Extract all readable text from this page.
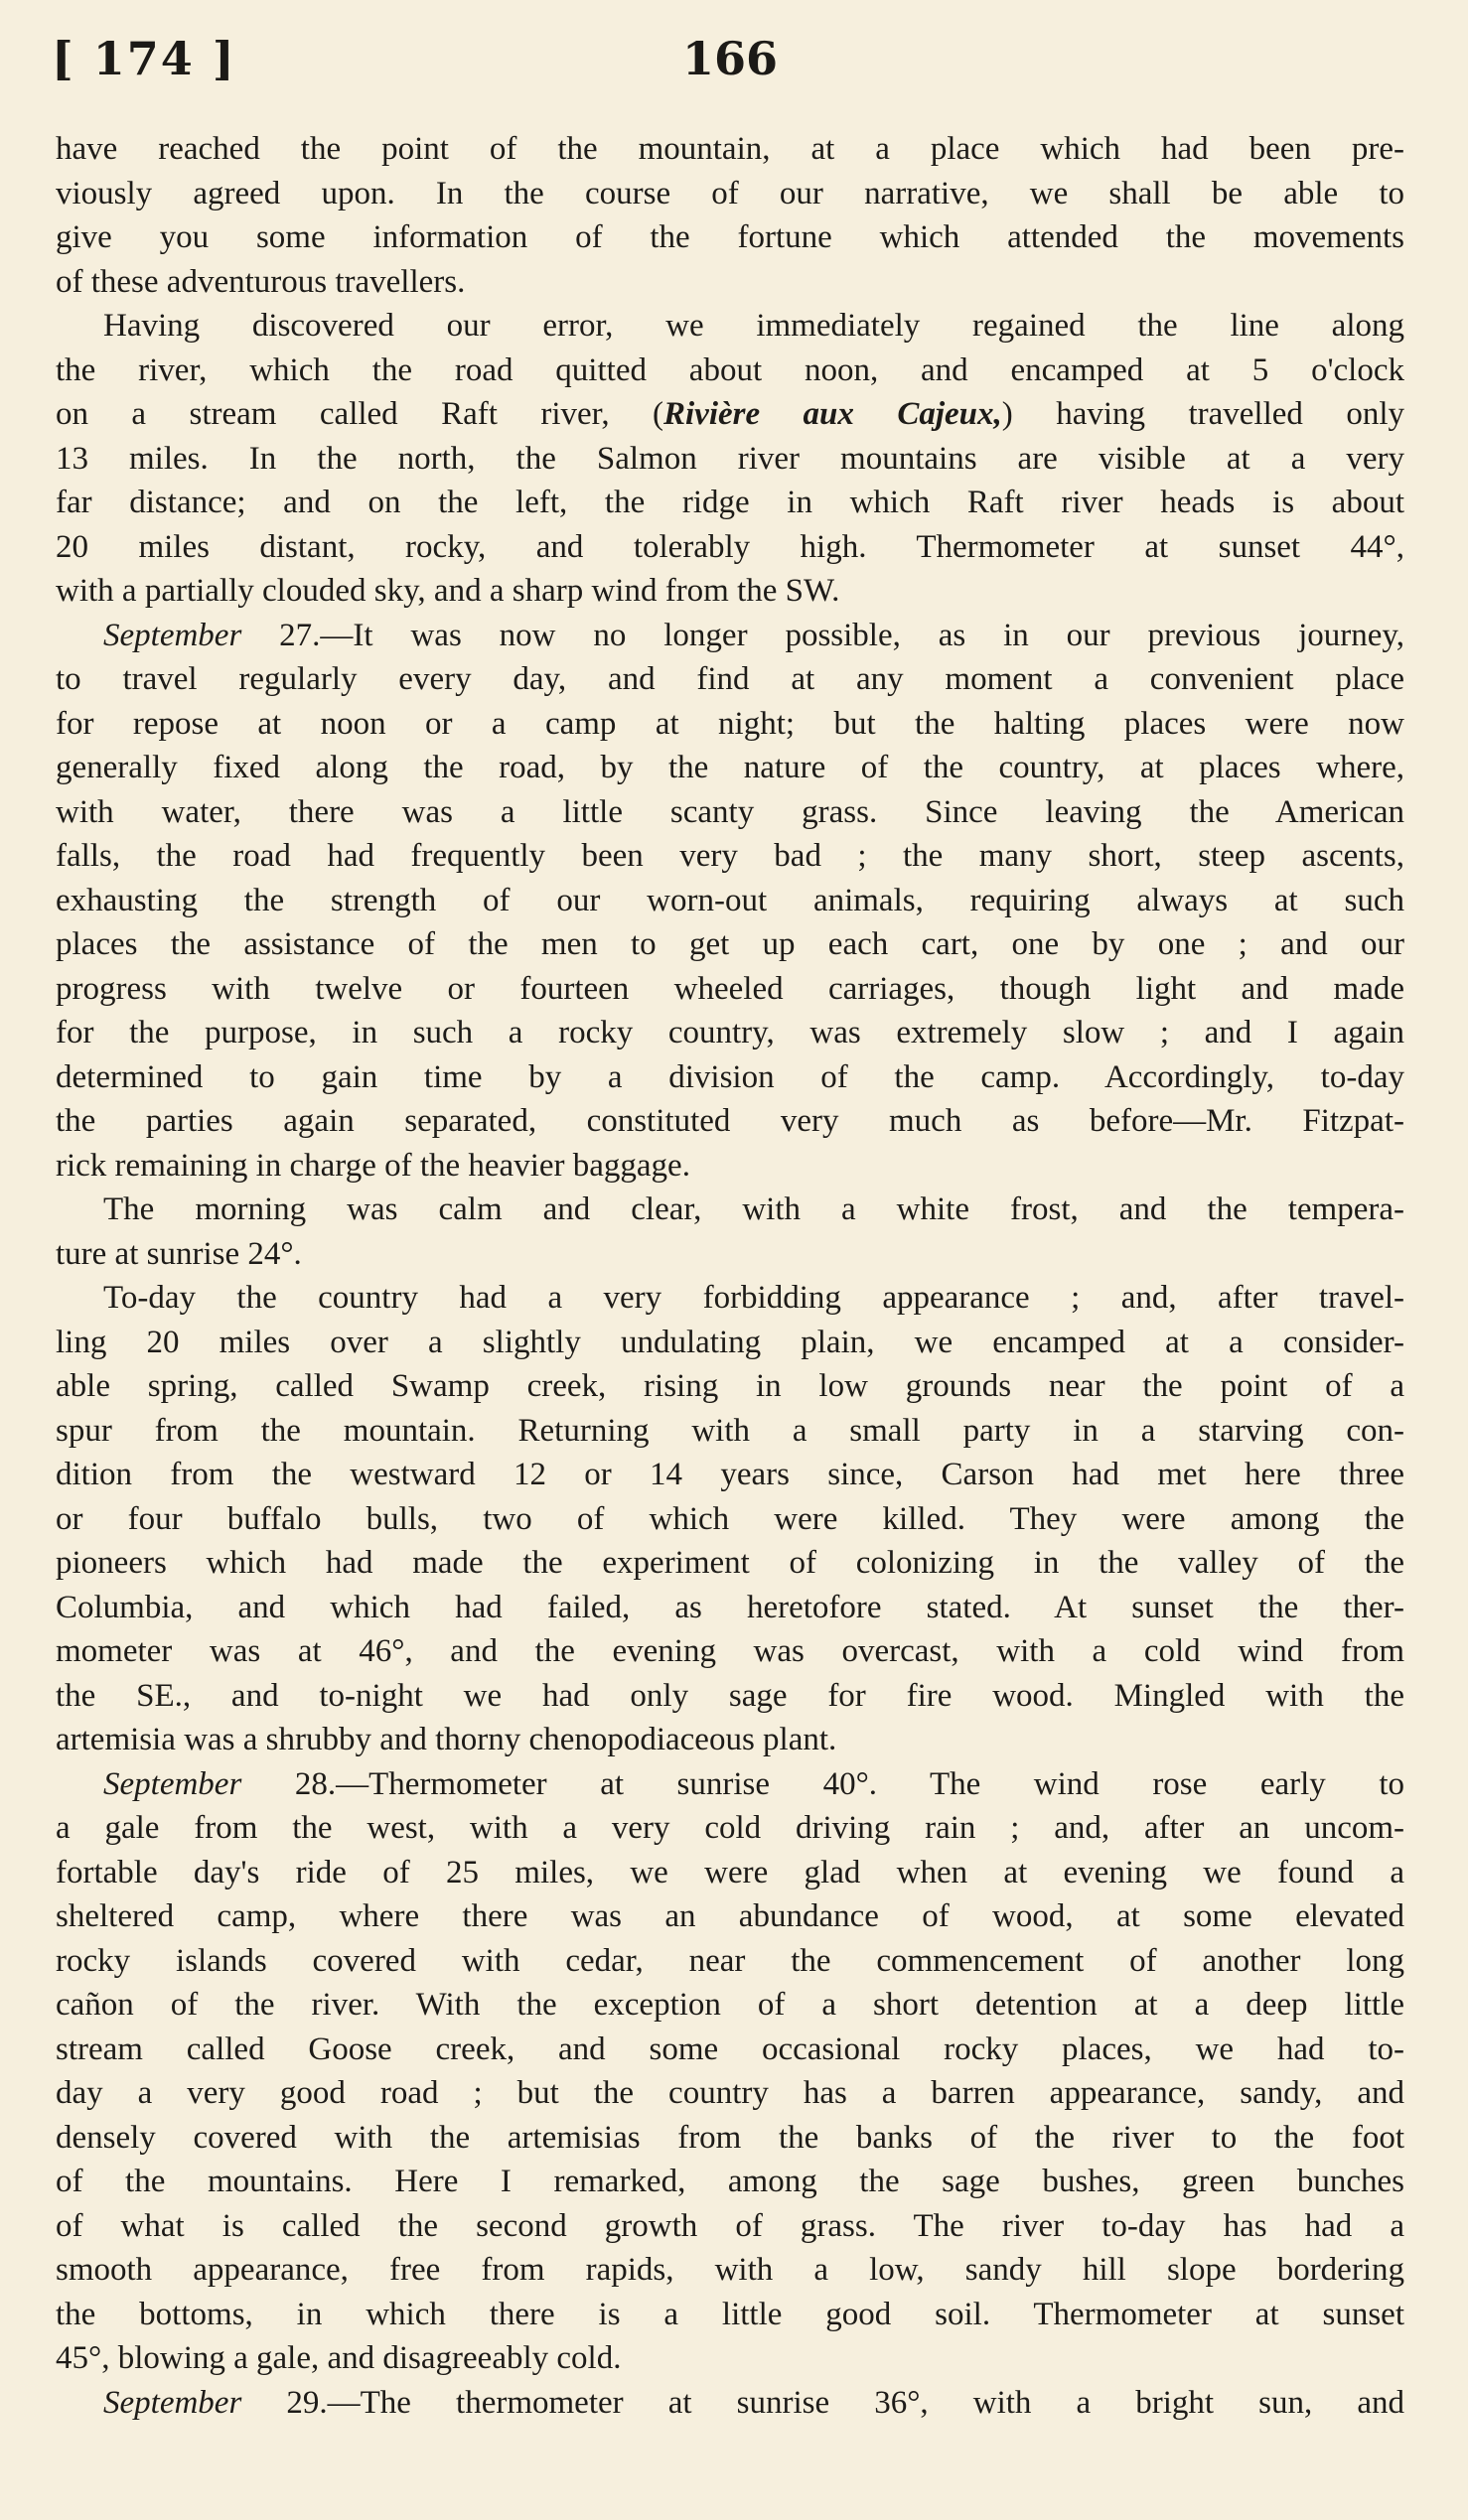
[ 174 ]	166
have reached the point of the mountain, at a place which had been pre-
viously agreed upon. In the course of our narrative, we shall be able to
give you some information of the fortune which attended the movements
of these adventurous travellers.
Having discovered our error, we immediately regained the line along
the river, which the road quitted about noon, and encamped at 5 o'clock
on a stream called Raft river, (Rivière aux Cajeux,) having travelled only
13 miles. In the north, the Salmon river mountains are visible at a very
far distance; and on the left, the ridge in which Raft river heads is about
20 miles distant, rocky, and tolerably high. Thermometer at sunset 44°,
with a partially clouded sky, and a sharp wind from the SW.
September 27.—It was now no longer possible, as in our previous journey,
to travel regularly every day, and find at any moment a convenient place
for repose at noon or a camp at night; but the halting places were now
generally fixed along the road, by the nature of the country, at places where,
with water, there was a little scanty grass. Since leaving the American
falls, the road had frequently been very bad ; the many short, steep ascents,
exhausting the strength of our worn-out animals, requiring always at such
places the assistance of the men to get up each cart, one by one ; and our
progress with twelve or fourteen wheeled carriages, though light and made
for the purpose, in such a rocky country, was extremely slow ; and I again
determined to gain time by a division of the camp. Accordingly, to-day
the parties again separated, constituted very much as before—Mr. Fitzpat-
rick remaining in charge of the heavier baggage.
The morning was calm and clear, with a white frost, and the tempera-
ture at sunrise 24°.
To-day the country had a very forbidding appearance ; and, after travel-
ling 20 miles over a slightly undulating plain, we encamped at a consider-
able spring, called Swamp creek, rising in low grounds near the point of a
spur from the mountain. Returning with a small party in a starving con-
dition from the westward 12 or 14 years since, Carson had met here three
or four buffalo bulls, two of which were killed. They were among the
pioneers which had made the experiment of colonizing in the valley of the
Columbia, and which had failed, as heretofore stated. At sunset the ther-
mometer was at 46°, and the evening was overcast, with a cold wind from
the SE., and to-night we had only sage for fire wood. Mingled with the
artemisia was a shrubby and thorny chenopodiaceous plant.
September 28.—Thermometer at sunrise 40°. The wind rose early to
a gale from the west, with a very cold driving rain ; and, after an uncom-
fortable day's ride of 25 miles, we were glad when at evening we found a
sheltered camp, where there was an abundance of wood, at some elevated
rocky islands covered with cedar, near the commencement of another long
cañon of the river. With the exception of a short detention at a deep little
stream called Goose creek, and some occasional rocky places, we had to-
day a very good road ; but the country has a barren appearance, sandy, and
densely covered with the artemisias from the banks of the river to the foot
of the mountains. Here I remarked, among the sage bushes, green bunches
of what is called the second growth of grass. The river to-day has had a
smooth appearance, free from rapids, with a low, sandy hill slope bordering
the bottoms, in which there is a little good soil. Thermometer at sunset
45°, blowing a gale, and disagreeably cold.
September 29.—The thermometer at sunrise 36°, with a bright sun, and
